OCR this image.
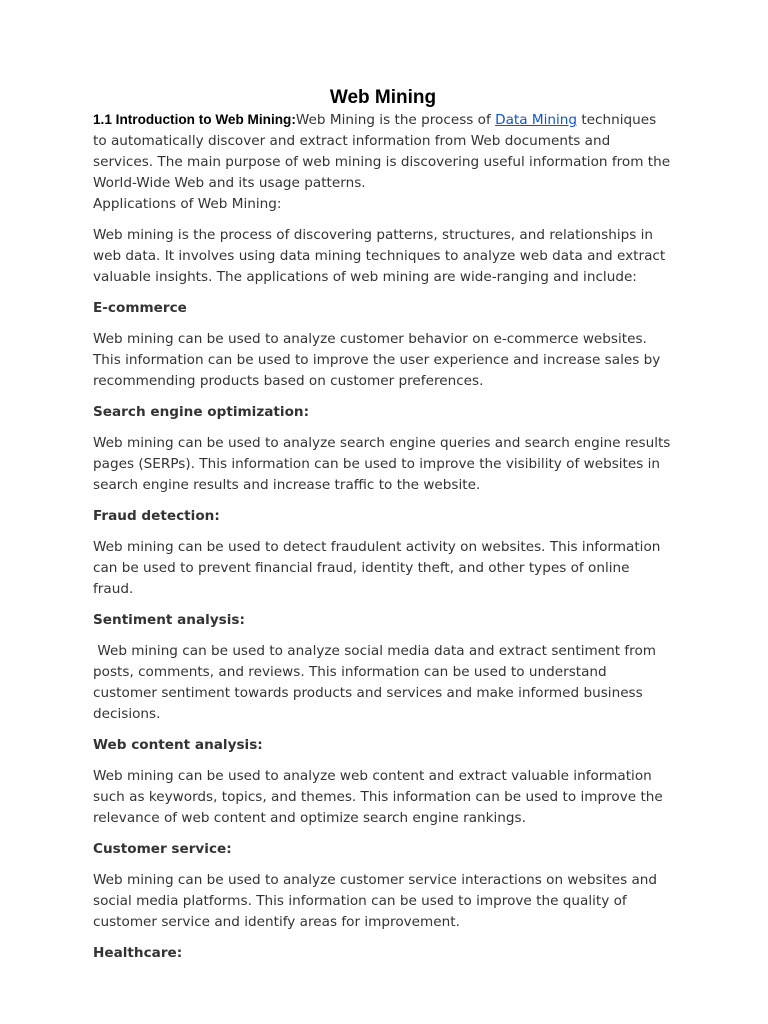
Web Mining

1.1 Introduction to Web Mining:Web Mining is the process of Data Mining techniques to automatically discover and extract information from Web documents and services. The main purpose of web mining is discovering useful information from the World-Wide Web and its usage patterns.

Applications of Web Mining:

Web mining is the process of discovering patterns, structures, and relationships in web data. It involves using data mining techniques to analyze web data and extract valuable insights. The applications of web mining are wide-ranging and include:

E-commerce

Web mining can be used to analyze customer behavior on e-commerce websites. This information can be used to improve the user experience and increase sales by recommending products based on customer preferences.

Search engine optimization:

Web mining can be used to analyze search engine queries and search engine results pages (SERPs). This information can be used to improve the visibility of websites in search engine results and increase traffic to the website.

Fraud detection:

Web mining can be used to detect fraudulent activity on websites. This information can be used to prevent financial fraud, identity theft, and other types of online fraud.

Sentiment analysis:

Web mining can be used to analyze social media data and extract sentiment from posts, comments, and reviews. This information can be used to understand customer sentiment towards products and services and make informed business decisions.

Web content analysis:

Web mining can be used to analyze web content and extract valuable information such as keywords, topics, and themes. This information can be used to improve the relevance of web content and optimize search engine rankings.

Customer service:

Web mining can be used to analyze customer service interactions on websites and social media platforms. This information can be used to improve the quality of customer service and identify areas for improvement.

Healthcare:
